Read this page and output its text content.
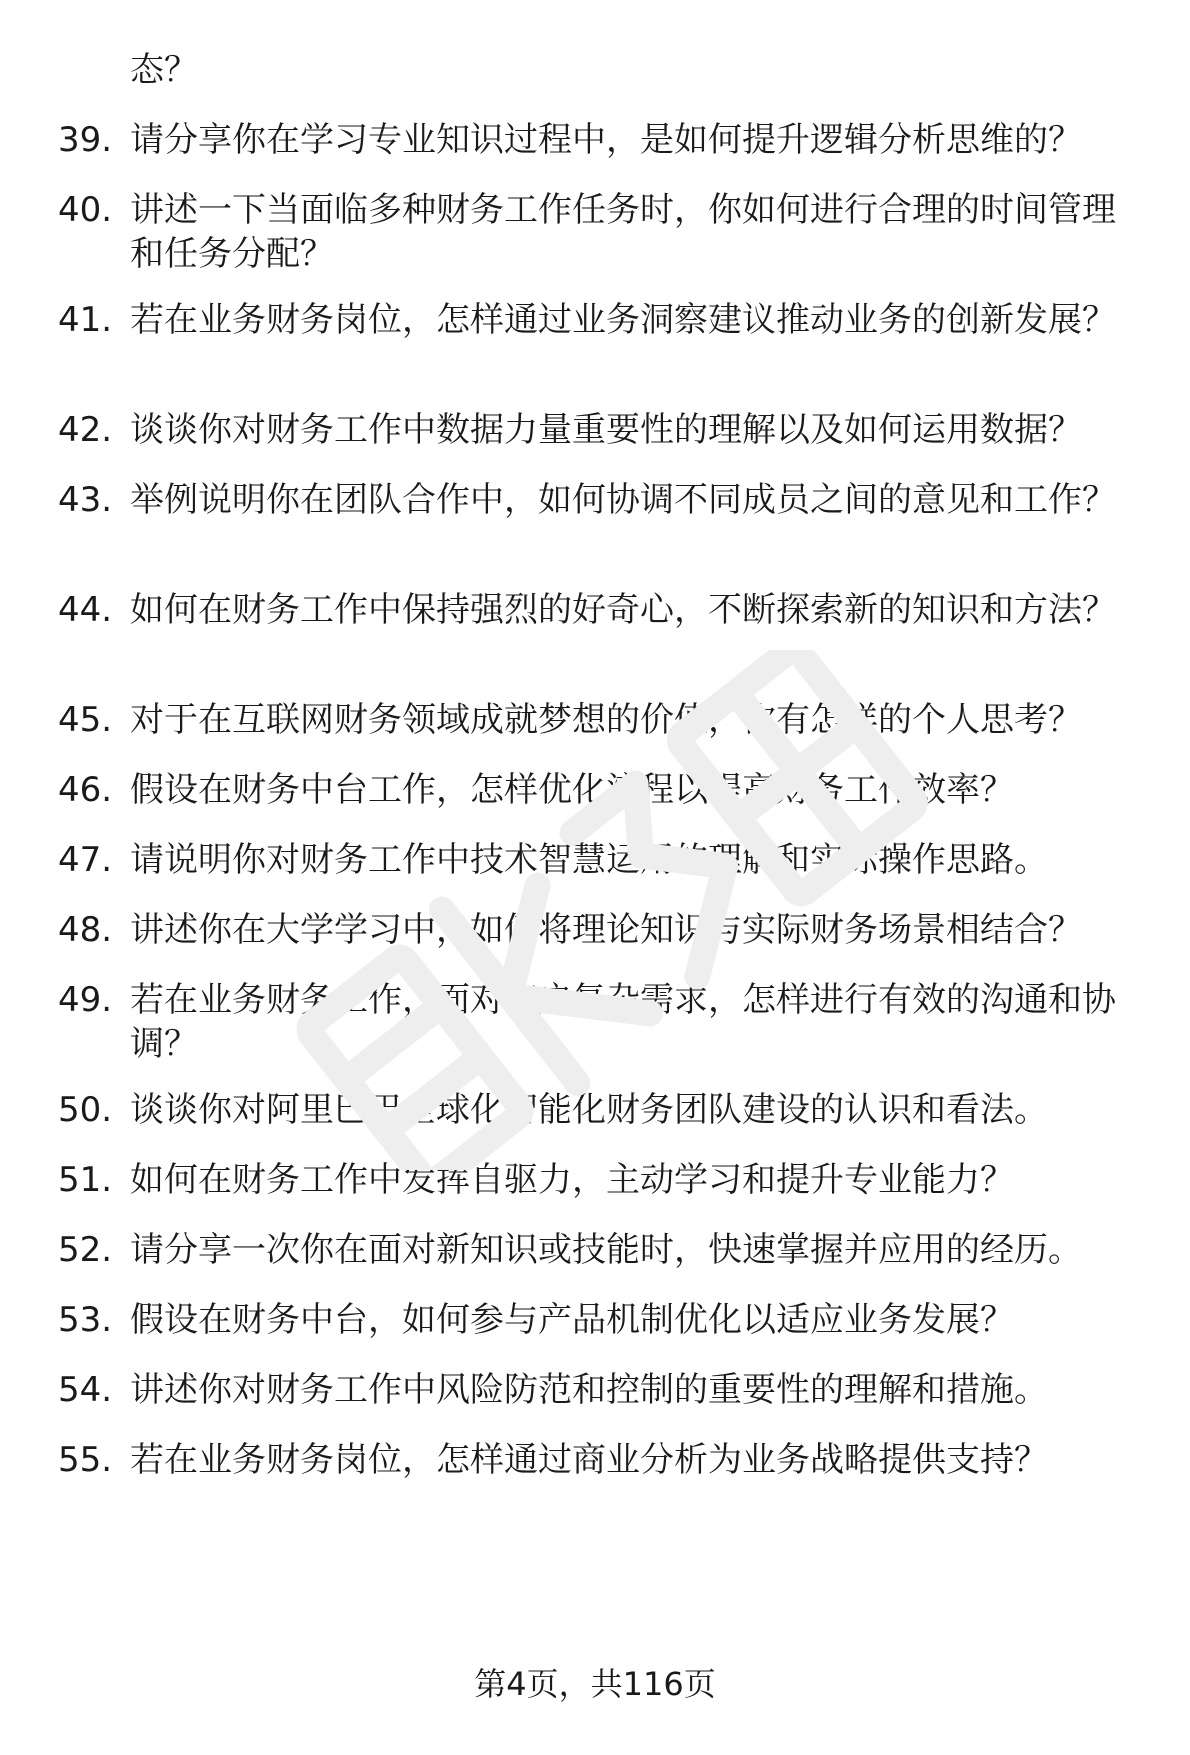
态？
39. 请分享你在学习专业知识过程中，是如何提升逻辑分析思维的？
40. 讲述一下当面临多种财务工作任务时，你如何进行合理的时间管理和任务分配？
41. 若在业务财务岗位，怎样通过业务洞察建议推动业务的创新发展？
42. 谈谈你对财务工作中数据力量重要性的理解以及如何运用数据？
43. 举例说明你在团队合作中，如何协调不同成员之间的意见和工作？
44. 如何在财务工作中保持强烈的好奇心，不断探索新的知识和方法？
45. 对于在互联网财务领域成就梦想的价值，你有怎样的个人思考？
46. 假设在财务中台工作，怎样优化流程以提高财务工作效率？
47. 请说明你对财务工作中技术智慧运用的理解和实际操作思路。
48. 讲述你在大学学习中，如何将理论知识与实际财务场景相结合？
49. 若在业务财务工作，面对客户复杂需求，怎样进行有效的沟通和协调？
50. 谈谈你对阿里巴巴全球化智能化财务团队建设的认识和看法。
51. 如何在财务工作中发挥自驱力，主动学习和提升专业能力？
52. 请分享一次你在面对新知识或技能时，快速掌握并应用的经历。
53. 假设在财务中台，如何参与产品机制优化以适应业务发展？
54. 讲述你对财务工作中风险防范和控制的重要性的理解和措施。
55. 若在业务财务岗位，怎样通过商业分析为业务战略提供支持？
第4页，共116页
